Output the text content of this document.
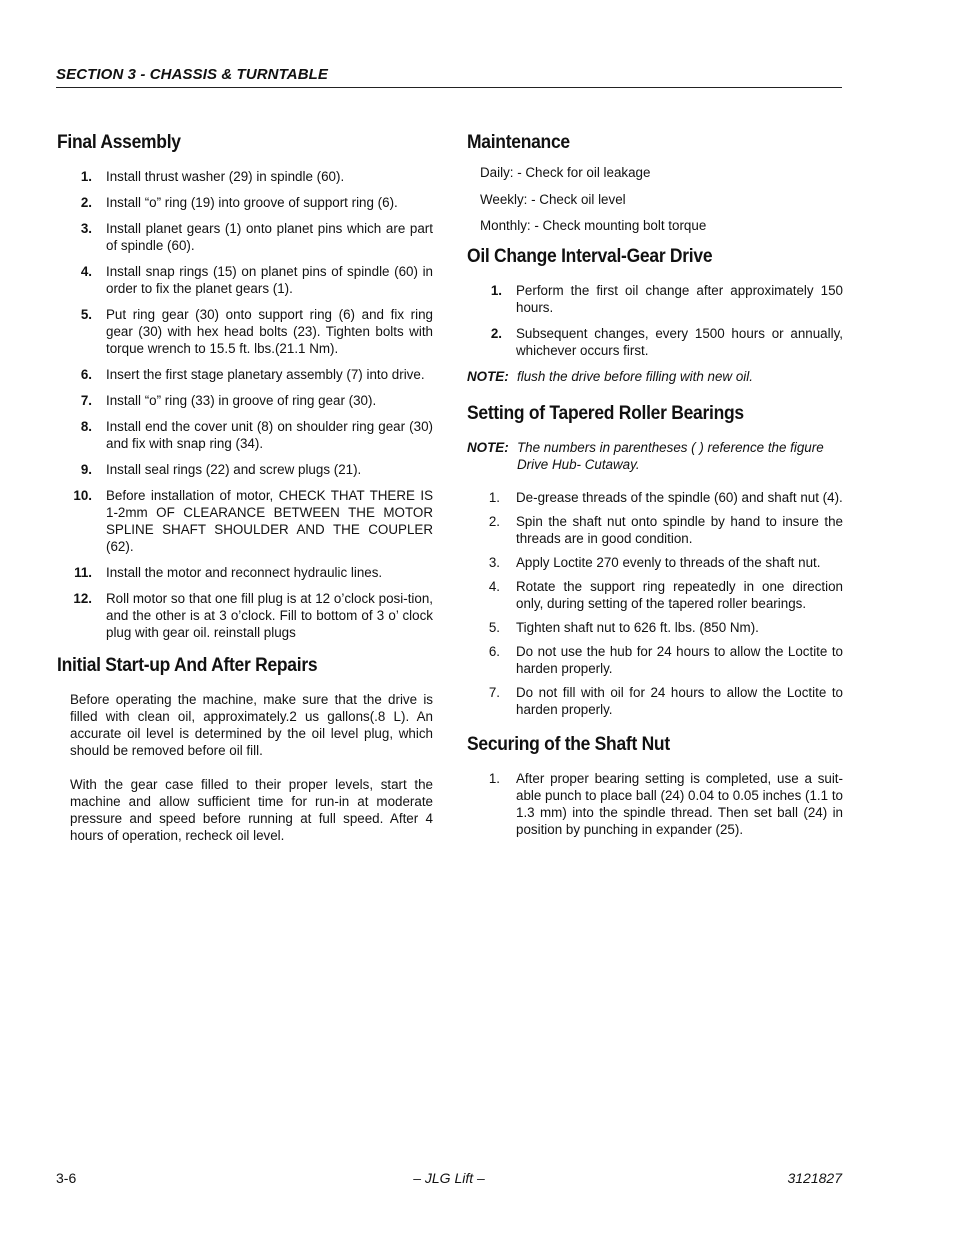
SECTION 3 - CHASSIS & TURNTABLE
Final Assembly
1. Install thrust washer (29) in spindle (60).
2. Install “o” ring (19) into groove of support ring (6).
3. Install planet gears (1) onto planet pins which are part of spindle (60).
4. Install snap rings (15) on planet pins of spindle (60) in order to fix the planet gears (1).
5. Put ring gear (30) onto support ring (6) and fix ring gear (30) with hex head bolts (23). Tighten bolts with torque wrench to 15.5 ft. lbs.(21.1 Nm).
6. Insert the first stage planetary assembly (7) into drive.
7. Install “o” ring (33) in groove of ring gear (30).
8. Install end the cover unit (8) on shoulder ring gear (30) and fix with snap ring (34).
9. Install seal rings (22) and screw plugs (21).
10. Before installation of motor, CHECK THAT THERE IS 1-2mm OF CLEARANCE BETWEEN THE MOTOR SPLINE SHAFT SHOULDER AND THE COUPLER (62).
11. Install the motor and reconnect hydraulic lines.
12. Roll motor so that one fill plug is at 12 o’clock posi-tion, and the other is at 3 o’clock. Fill to bottom of 3 o’ clock plug with gear oil. reinstall plugs
Initial Start-up And After Repairs
Before operating the machine, make sure that the drive is filled with clean oil, approximately.2 us gallons(.8 L). An accurate oil level is determined by the oil level plug, which should be removed before oil fill.
With the gear case filled to their proper levels, start the machine and allow sufficient time for run-in at moderate pressure and speed before running at full speed. After 4 hours of operation, recheck oil level.
Maintenance
Daily: - Check for oil leakage
Weekly: - Check oil level
Monthly: - Check mounting bolt torque
Oil Change Interval-Gear Drive
1. Perform the first oil change after approximately 150 hours.
2. Subsequent changes, every 1500 hours or annually, whichever occurs first.
NOTE: flush the drive before filling with new oil.
Setting of Tapered Roller Bearings
NOTE: The numbers in parentheses ( ) reference the figure Drive Hub- Cutaway.
1. De-grease threads of the spindle (60) and shaft nut (4).
2. Spin the shaft nut onto spindle by hand to insure the threads are in good condition.
3. Apply Loctite 270 evenly to threads of the shaft nut.
4. Rotate the support ring repeatedly in one direction only, during setting of the tapered roller bearings.
5. Tighten shaft nut to 626 ft. lbs. (850 Nm).
6. Do not use the hub for 24 hours to allow the Loctite to harden properly.
7. Do not fill with oil for 24 hours to allow the Loctite to harden properly.
Securing of the Shaft Nut
1. After proper bearing setting is completed, use a suit-able punch to place ball (24) 0.04 to 0.05 inches (1.1 to 1.3 mm) into the spindle thread. Then set ball (24) in position by punching in expander (25).
3-6	– JLG Lift –	3121827
